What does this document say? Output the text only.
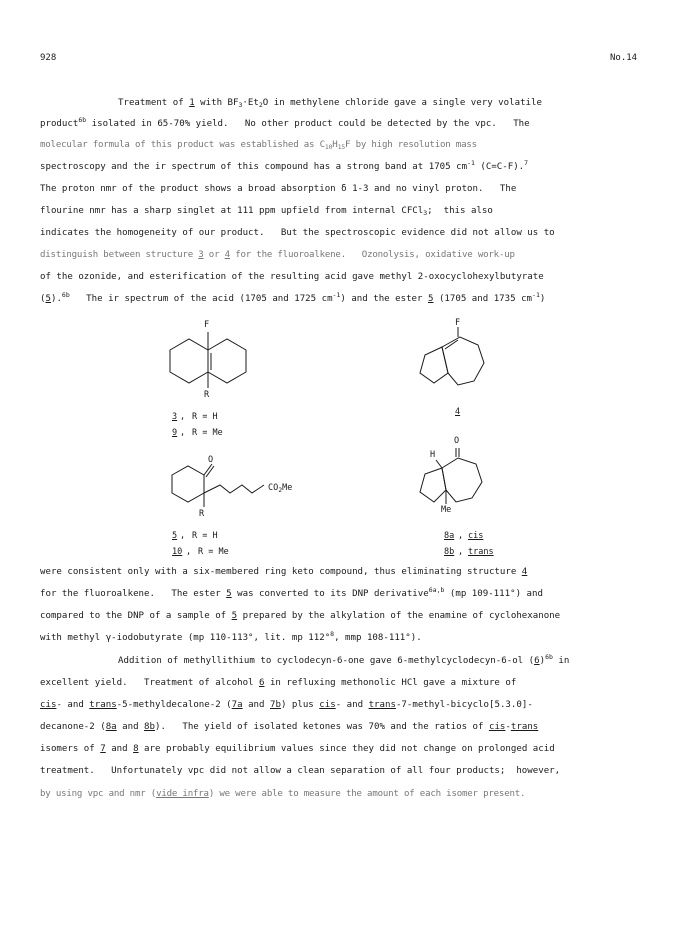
928	No.14
Treatment of 1 with $BF_3\cdot Et_2O$ in methylene chloride gave a single very volatile
product$^{6b}$ isolated in 65-70% yield.   No other product could be detected by the vpc.   The
molecular formula of this product was established as $C_{10}H_{15}F$ by high resolution mass
spectroscopy and the ir spectrum of this compound has a strong band at 1705 $cm^{-1}$ (C=C-F).$^7$
The proton nmr of the product shows a broad absorption δ 1-3 and no vinyl proton.   The
flourine nmr has a sharp singlet at 111 ppm upfield from internal CFCl$_3$;  this also
indicates the homogeneity of our product.   But the spectroscopic evidence did not allow us to
distinguish between structure 3 or 4 for the fluoroalkene.   Ozonolysis, oxidative work-up
of the ozonide, and esterification of the resulting acid gave methyl 2-oxocyclohexylbutyrate
(5).$^{6b}$   The ir spectrum of the acid (1705 and 1725 $cm^{-1}$) and the ester 5 (1705 and 1735 $cm^{-1}$)
F
R
3 , R = H
9 , R = Me
F
4
O
R
$CO_2Me$
5 , R = H
10 , R = Me
H
O
Me
8a , cis
8b , trans
were consistent only with a six-membered ring keto compound, thus eliminating structure 4
for the fluoroalkene.   The ester 5 was converted to its DNP derivative$^{6a,b}$ (mp 109-111°) and
compared to the DNP of a sample of 5 prepared by the alkylation of the enamine of cyclohexanone
with methyl γ-iodobutyrate (mp 110-113°, lit. mp 112°$^8$, mmp 108-111°).
Addition of methyllithium to cyclodecyn-6-one gave 6-methylcyclodecyn-6-ol $(6)^{6b}$ in
excellent yield.   Treatment of alcohol 6 in refluxing methonolic HCl gave a mixture of
cis- and trans-5-methyldecalone-2 (7a and 7b) plus cis- and trans-7-methyl-bicyclo[5.3.0]-
decanone-2 (8a and 8b).   The yield of isolated ketones was 70% and the ratios of cis-trans
isomers of 7 and 8 are probably equilibrium values since they did not change on prolonged acid
treatment.   Unfortunately vpc did not allow a clean separation of all four products;  however,
by using vpc and nmr (vide infra) we were able to measure the amount of each isomer present.
